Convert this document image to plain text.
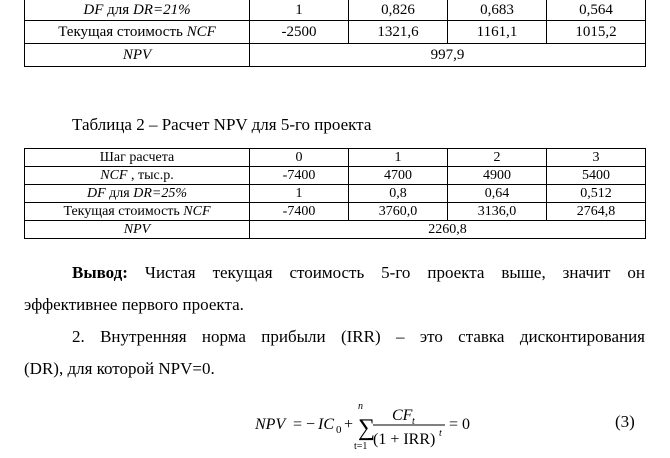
DF для DR=21%	1	0,826	0,683	0,564
Текущая стоимость NCF	-2500	1321,6	1161,1	1015,2
NPV	997,9			
Таблица 2 – Расчет NPV для 5-го проекта
Шаг расчета	0	1	2	3
NCF , тыс.р.	-7400	4700	4900	5400
DF для DR=25%	1	0,8	0,64	0,512
Текущая стоимость NCF	-7400	3760,0	3136,0	2764,8
NPV	2260,8			
Вывод: Чистая текущая стоимость 5-го проекта выше, значит он
эффективнее первого проекта.
2. Внутренняя норма прибыли (IRR) – это ставка дисконтирования
(DR), для которой NPV=0.
NPV = − IC 0 +
n
∑
t=1
CF t
(1 + IRR) t
= 0	(3)
